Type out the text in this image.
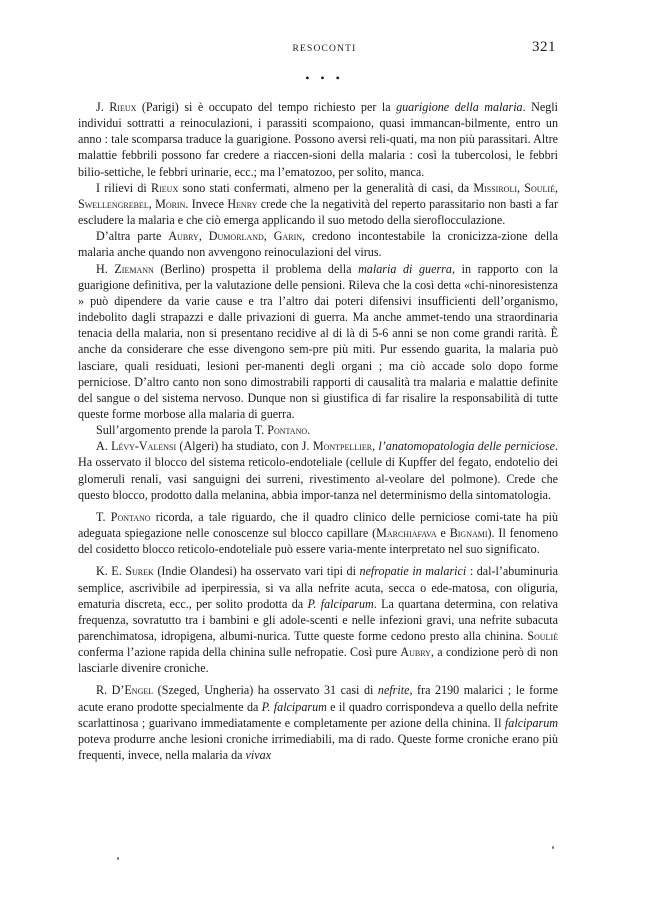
RESOCONTI	321
• • •

J. Rieux (Parigi) si è occupato del tempo richiesto per la guarigione della malaria. Negli individui sottratti a reinoculazioni, i parassiti scompaiono, quasi immancan-bilmente, entro un anno : tale scomparsa traduce la guarigione. Possono aversi reli-quati, ma non più parassitari. Altre malattie febbrili possono far credere a riaccen-sioni della malaria : così la tubercolosi, le febbri bilio-settiche, le febbri urinarie, ecc.; ma l’ematozoo, per solito, manca.

I rilievi di Rieux sono stati confermati, almeno per la generalità di casi, da Missiroli, Soulié, Swellengrebel, Morin. Invece Henry crede che la negatività del reperto parassitario non basti a far escludere la malaria e che ciò emerga applicando il suo metodo della sieroflocculazione.

D’altra parte Aubry, Dumorland, Garin, credono incontestabile la cronicizza-zione della malaria anche quando non avvengono reinoculazioni del virus.

H. Ziemann (Berlino) prospetta il problema della malaria di guerra, in rapporto con la guarigione definitiva, per la valutazione delle pensioni. Rileva che la così detta «chi-ninoresistenza » può dipendere da varie cause e tra l’altro dai poteri difensivi insufficienti dell’organismo, indebolito dagli strapazzi e dalle privazioni di guerra. Ma anche ammet-tendo una straordinaria tenacia della malaria, non si presentano recidive al di là di 5-6 anni se non come grandi rarità. È anche da considerare che esse divengono sem-pre più miti. Pur essendo guarita, la malaria può lasciare, quali residuati, lesioni per-manenti degli organi ; ma ciò accade solo dopo forme perniciose. D’altro canto non sono dimostrabili rapporti di causalità tra malaria e malattie definite del sangue o del sistema nervoso. Dunque non si giustifica di far risalire la responsabilità di tutte queste forme morbose alla malaria di guerra.

Sull’argomento prende la parola T. Pontano.

A. Lévy-Valensi (Algeri) ha studiato, con J. Montpellier, l’anatomopatologia delle perniciose. Ha osservato il blocco del sistema reticolo-endoteliale (cellule di Kupffer del fegato, endotelio dei glomeruli renali, vasi sanguigni dei surreni, rivestimento al-veolare del polmone). Crede che questo blocco, prodotto dalla melanina, abbia impor-tanza nel determinismo della sintomatologia.

T. Pontano ricorda, a tale riguardo, che il quadro clinico delle perniciose comi-tate ha più adeguata spiegazione nelle conoscenze sul blocco capillare (Marchiafava e Bignami). Il fenomeno del cosidetto blocco reticolo-endoteliale può essere varia-mente interpretato nel suo significato.

K. E. Surek (Indie Olandesi) ha osservato vari tipi di nefropatie in malarici : dal-l’abuminuria semplice, ascrivibile ad iperpiressia, si va alla nefrite acuta, secca o ede-matosa, con oliguria, ematuria discreta, ecc., per solito prodotta da P. falciparum. La quartana determina, con relativa frequenza, sovratutto tra i bambini e gli adole-scenti e nelle infezioni gravi, una nefrite subacuta parenchimatosa, idropigena, albumi-nurica. Tutte queste forme cedono presto alla chinina. Soulié conferma l’azione rapida della chinina sulle nefropatie. Così pure Aubry, a condizione però di non lasciarle divenire croniche.

R. D’Engel (Szeged, Ungheria) ha osservato 31 casi di nefrite, fra 2190 malarici ; le forme acute erano prodotte specialmente da P. falciparum e il quadro corrispondeva a quello della nefrite scarlattinosa ; guarivano immediatamente e completamente per azione della chinina. Il falciparum poteva produrre anche lesioni croniche irrimediabili, ma di rado. Queste forme croniche erano più frequenti, invece, nella malaria da vivax
